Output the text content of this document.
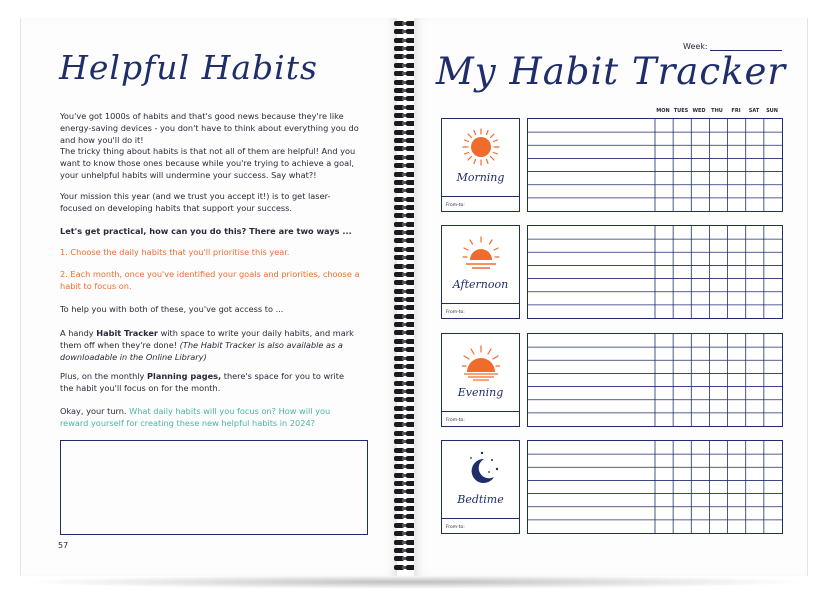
Helpful Habits

You've got 1000s of habits and that's good news because they're like energy-saving devices - you don't have to think about everything you do and how you'll do it!

The tricky thing about habits is that not all of them are helpful! And you want to know those ones because while you're trying to achieve a goal, your unhelpful habits will undermine your success. Say what?!

Your mission this year (and we trust you accept it!) is to get laser-focused on developing habits that support your success.

Let's get practical, how can you do this? There are two ways ...

1. Choose the daily habits that you'll prioritise this year.

2. Each month, once you've identified your goals and priorities, choose a habit to focus on.

To help you with both of these, you've got access to ...

A handy Habit Tracker with space to write your daily habits, and mark them off when they're done! (The Habit Tracker is also available as a downloadable in the Online Library)

Plus, on the monthly Planning pages, there's space for you to write the habit you'll focus on for the month.

Okay, your turn. What daily habits will you focus on? How will you reward yourself for creating these new helpful habits in 2024?

57
Week:
My Habit Tracker
MON TUES WED	THU	FRI	SAT	SUN
Morning
From-to:
Afternoon
From-to:
Evening
From-to:
Bedtime
From-to:
